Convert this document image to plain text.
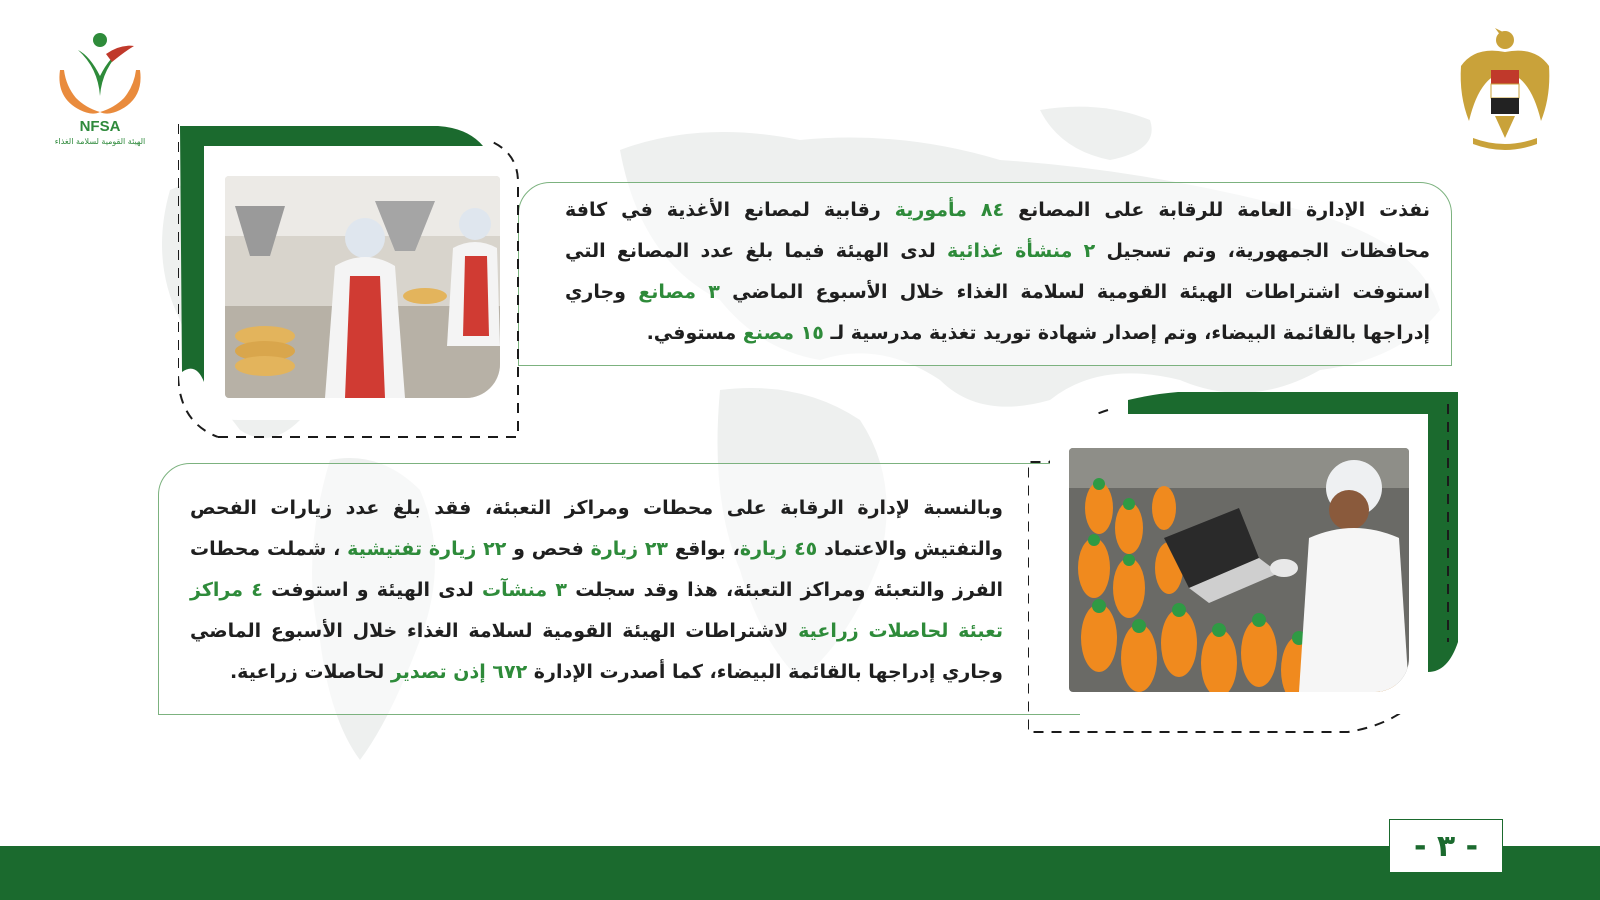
NFSA
الهيئة القومية لسلامة الغذاء
نفذت الإدارة العامة للرقابة على المصانع ٨٤ مأمورية رقابية لمصانع الأغذية في كافة محافظات الجمهورية، وتم تسجيل ٢ منشأة غذائية لدى الهيئة فيما بلغ عدد المصانع التي استوفت اشتراطات الهيئة القومية لسلامة الغذاء خلال الأسبوع الماضي ٣ مصانع وجاري إدراجها بالقائمة البيضاء، وتم إصدار شهادة توريد تغذية مدرسية لـ ١٥ مصنع مستوفي.
وبالنسبة لإدارة الرقابة على محطات ومراكز التعبئة، فقد بلغ عدد زيارات الفحص والتفتيش والاعتماد ٤٥ زيارة، بواقع ٢٣ زيارة فحص و ٢٢ زيارة تفتيشية ، شملت محطات الفرز والتعبئة ومراكز التعبئة، هذا وقد سجلت ٣ منشآت لدى الهيئة و استوفت ٤ مراكز تعبئة لحاصلات زراعية لاشتراطات الهيئة القومية لسلامة الغذاء خلال الأسبوع الماضي وجاري إدراجها بالقائمة البيضاء، كما أصدرت الإدارة ٦٧٢ إذن تصدير لحاصلات زراعية.
- ٣ -
